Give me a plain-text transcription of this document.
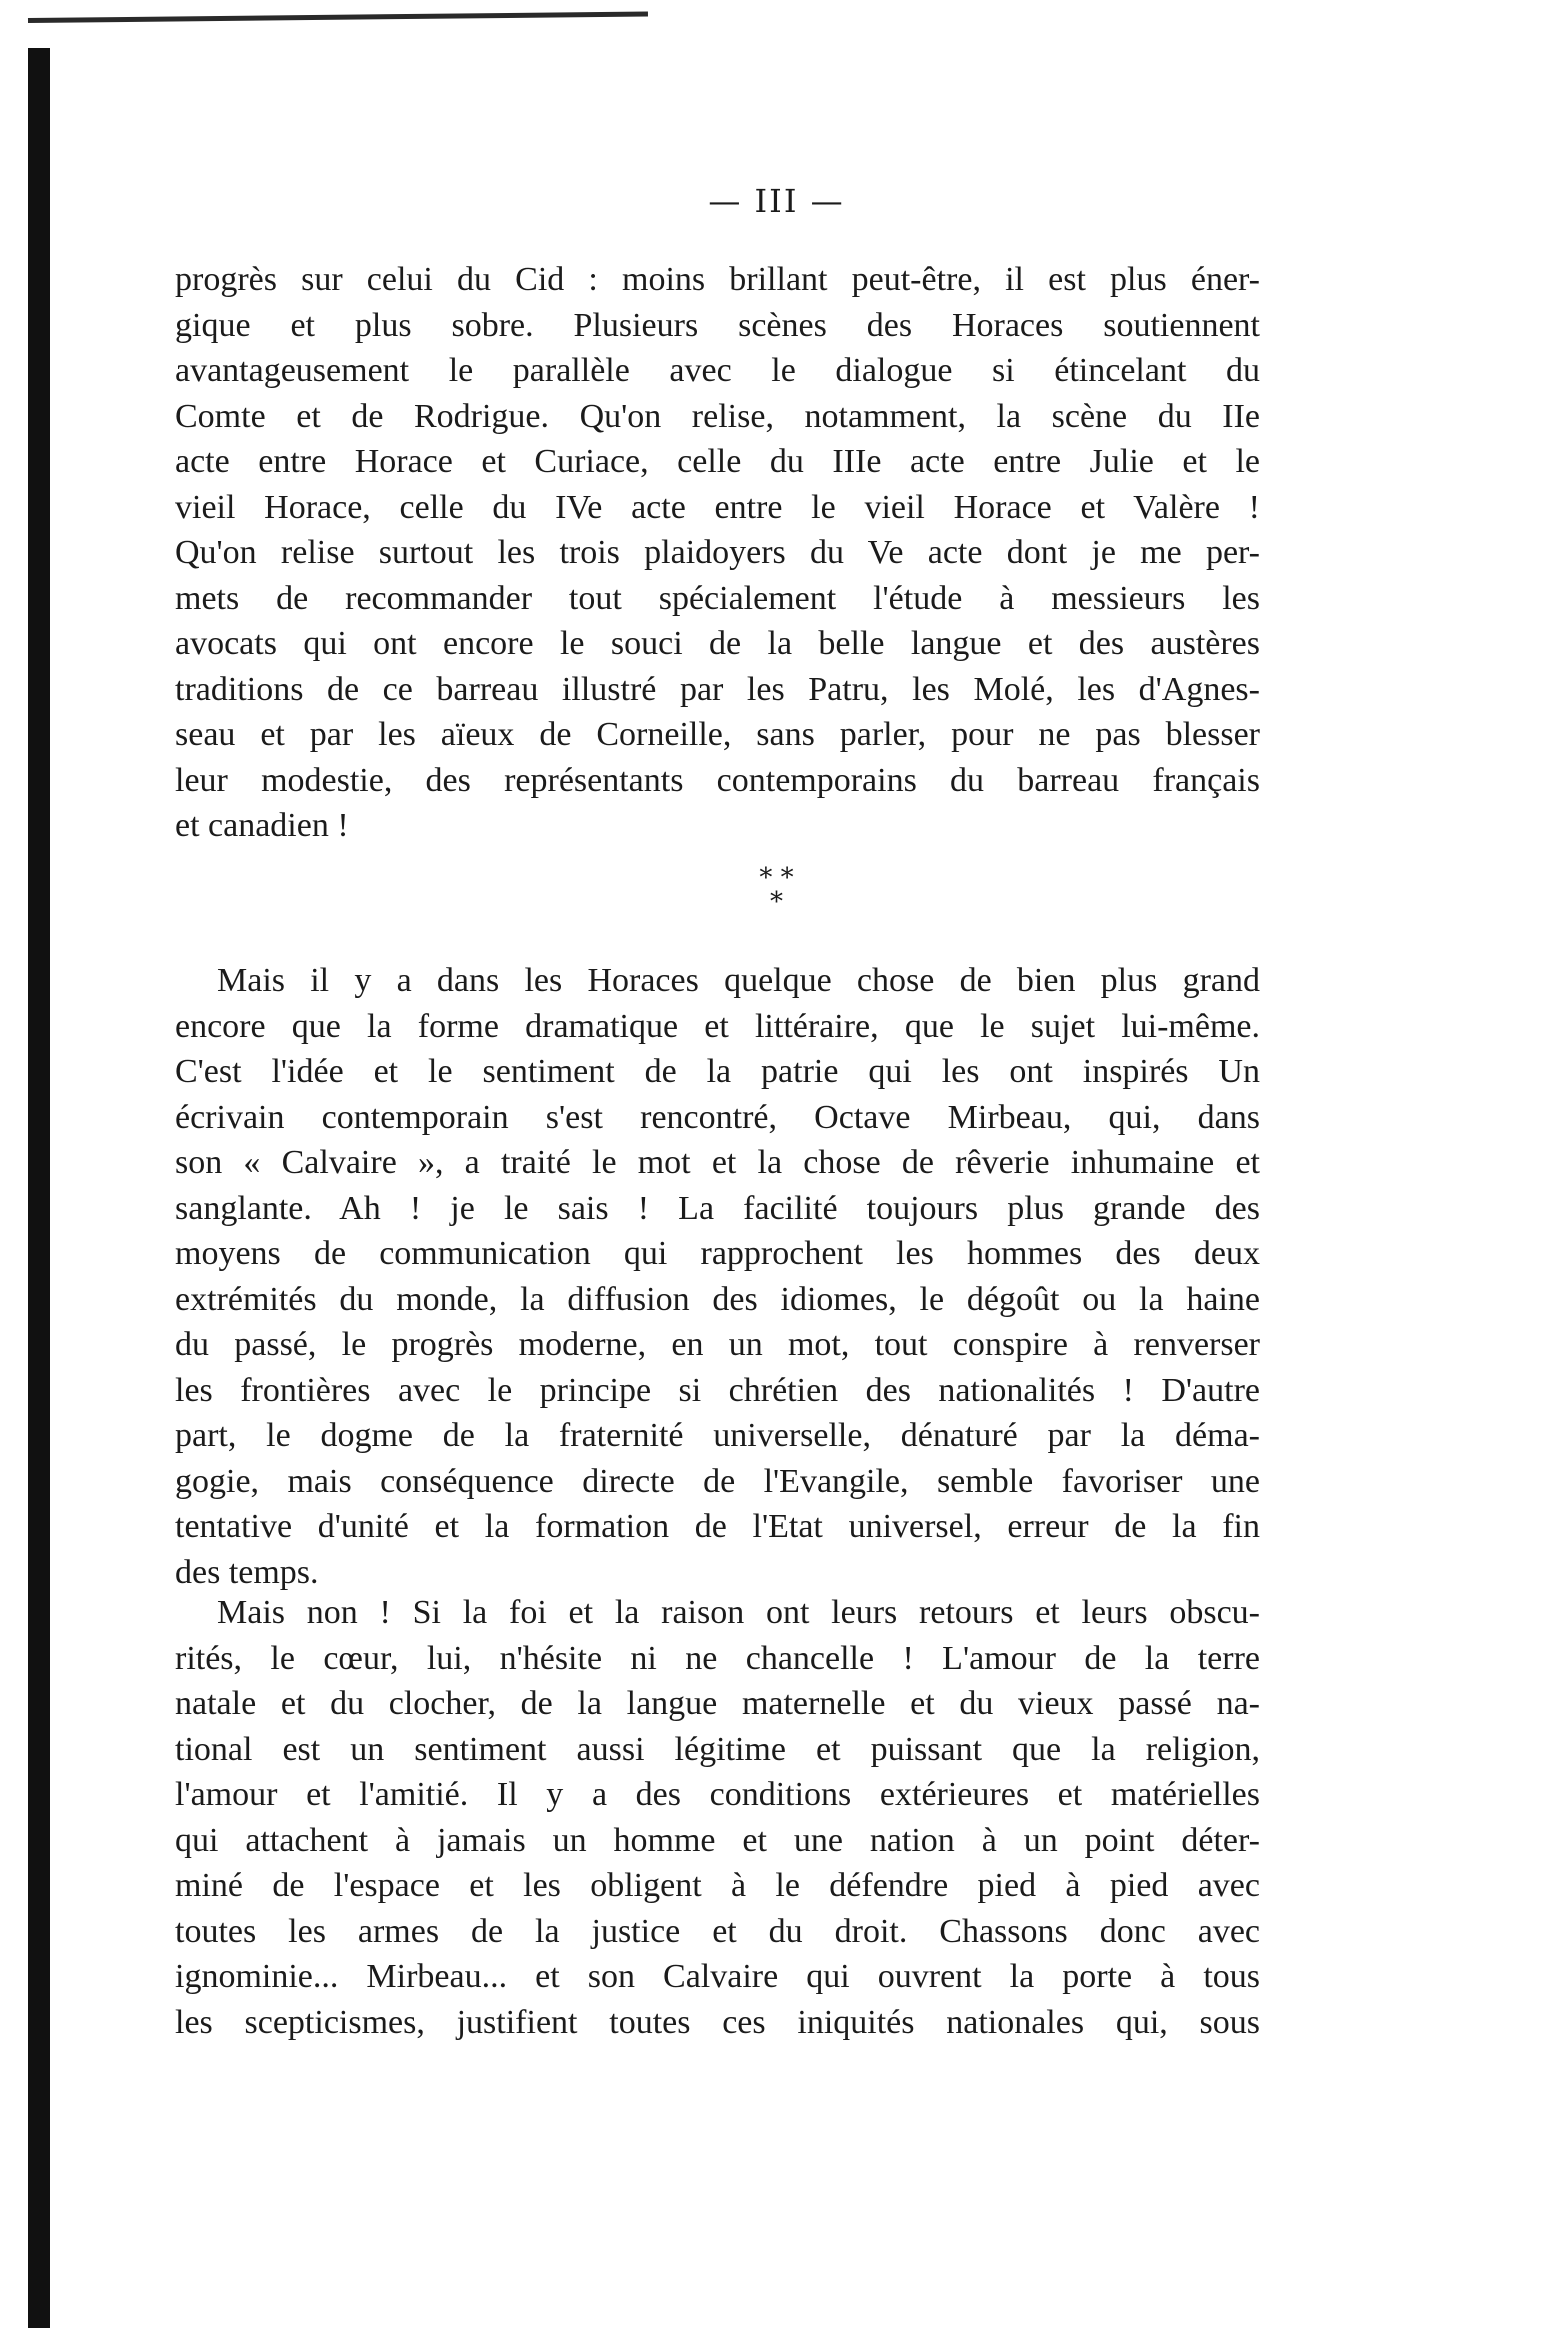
— III —
progrès sur celui du Cid : moins brillant peut-être, il est plus éner-
gique et plus sobre. Plusieurs scènes des Horaces soutiennent
avantageusement le parallèle avec le dialogue si étincelant du
Comte et de Rodrigue. Qu'on relise, notamment, la scène du IIe
acte entre Horace et Curiace, celle du IIIe acte entre Julie et le
vieil Horace, celle du IVe acte entre le vieil Horace et Valère !
Qu'on relise surtout les trois plaidoyers du Ve acte dont je me per-
mets de recommander tout spécialement l'étude à messieurs les
avocats qui ont encore le souci de la belle langue et des austères
traditions de ce barreau illustré par les Patru, les Molé, les d'Agnes-
seau et par les aïeux de Corneille, sans parler, pour ne pas blesser
leur modestie, des représentants contemporains du barreau français
et canadien !
* *
*
Mais il y a dans les Horaces quelque chose de bien plus grand
encore que la forme dramatique et littéraire, que le sujet lui-même.
C'est l'idée et le sentiment de la patrie qui les ont inspirés Un
écrivain contemporain s'est rencontré, Octave Mirbeau, qui, dans
son « Calvaire », a traité le mot et la chose de rêverie inhumaine et
sanglante. Ah ! je le sais ! La facilité toujours plus grande des
moyens de communication qui rapprochent les hommes des deux
extrémités du monde, la diffusion des idiomes, le dégoût ou la haine
du passé, le progrès moderne, en un mot, tout conspire à renverser
les frontières avec le principe si chrétien des nationalités ! D'autre
part, le dogme de la fraternité universelle, dénaturé par la déma-
gogie, mais conséquence directe de l'Evangile, semble favoriser une
tentative d'unité et la formation de l'Etat universel, erreur de la fin
des temps.
Mais non ! Si la foi et la raison ont leurs retours et leurs obscu-
rités, le cœur, lui, n'hésite ni ne chancelle ! L'amour de la terre
natale et du clocher, de la langue maternelle et du vieux passé na-
tional est un sentiment aussi légitime et puissant que la religion,
l'amour et l'amitié. Il y a des conditions extérieures et matérielles
qui attachent à jamais un homme et une nation à un point déter-
miné de l'espace et les obligent à le défendre pied à pied avec
toutes les armes de la justice et du droit. Chassons donc avec
ignominie... Mirbeau... et son Calvaire qui ouvrent la porte à tous
les scepticismes, justifient toutes ces iniquités nationales qui, sous
